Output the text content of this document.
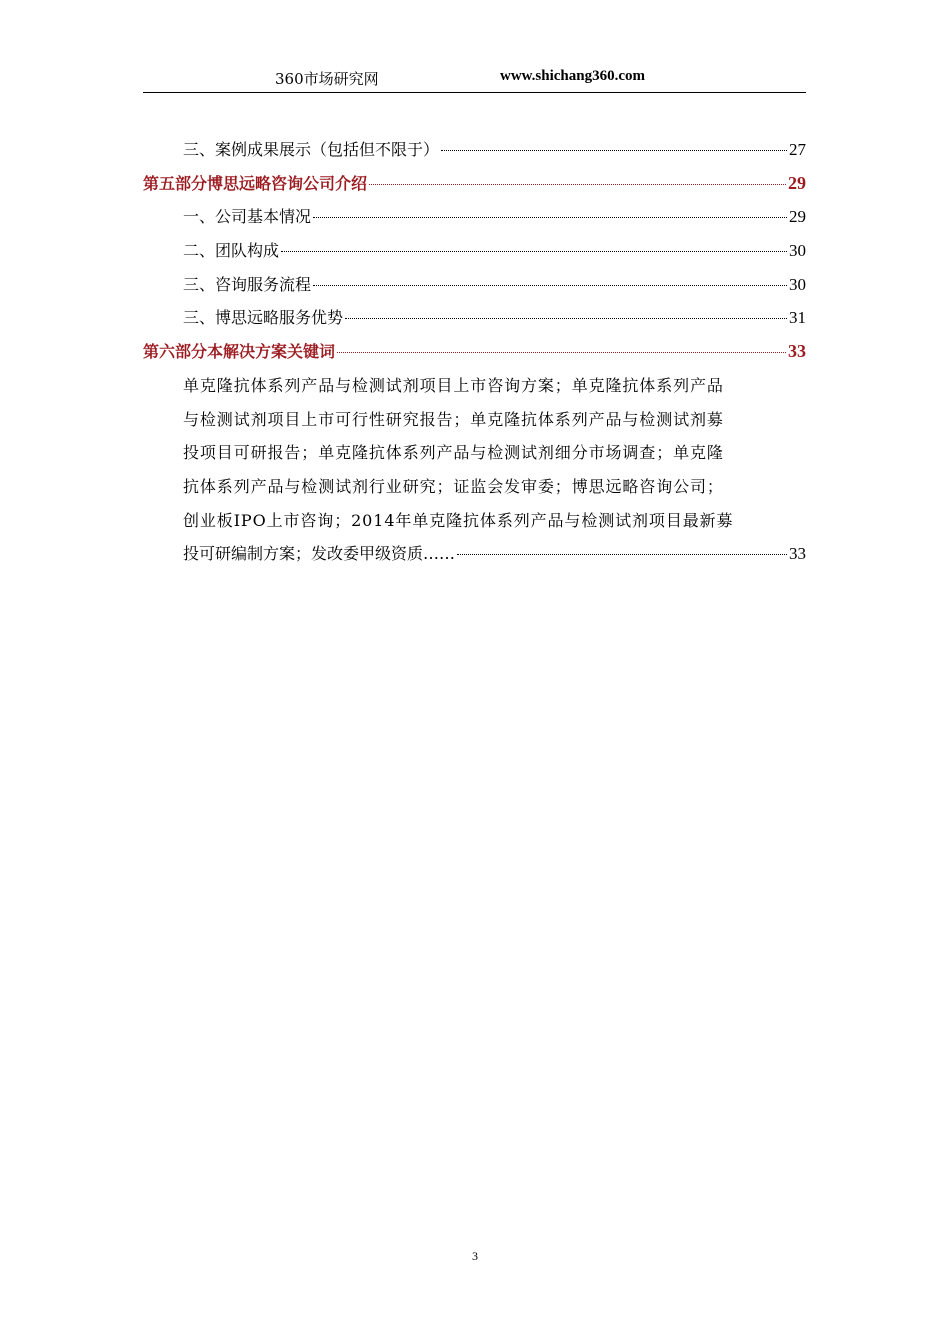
360市场研究网	www.shichang360.com
三、案例成果展示（包括但不限于）	27
第五部分博思远略咨询公司介绍	29
一、公司基本情况	29
二、团队构成	30
三、咨询服务流程	30
三、博思远略服务优势	31
第六部分本解决方案关键词	33
单克隆抗体系列产品与检测试剂项目上市咨询方案；单克隆抗体系列产品
与检测试剂项目上市可行性研究报告；单克隆抗体系列产品与检测试剂募
投项目可研报告；单克隆抗体系列产品与检测试剂细分市场调查；单克隆
抗体系列产品与检测试剂行业研究；证监会发审委；博思远略咨询公司；
创业板IPO上市咨询；2014年单克隆抗体系列产品与检测试剂项目最新募
投可研编制方案；发改委甲级资质……	33
3
